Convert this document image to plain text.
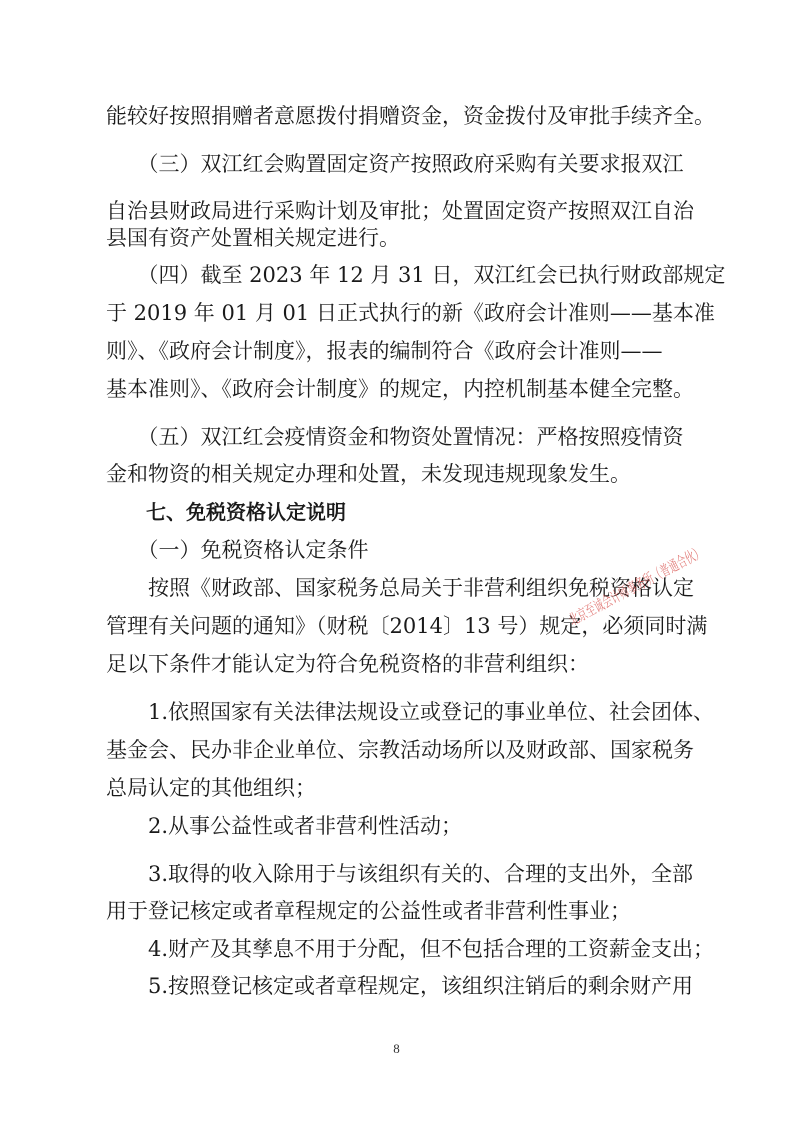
能较好按照捐赠者意愿拨付捐赠资金，资金拨付及审批手续齐全。
　　（三）双江红会购置固定资产按照政府采购有关要求报双江
自治县财政局进行采购计划及审批；处置固定资产按照双江自治
县国有资产处置相关规定进行。
　　（四）截至 2023 年 12 月 31 日，双江红会已执行财政部规定
于 2019 年 01 月 01 日正式执行的新《政府会计准则——基本准
则》、《政府会计制度》，报表的编制符合《政府会计准则——
基本准则》、《政府会计制度》的规定，内控机制基本健全完整。
　　（五）双江红会疫情资金和物资处置情况：严格按照疫情资
金和物资的相关规定办理和处置，未发现违规现象发生。
　　七、免税资格认定说明
　　（一）免税资格认定条件
　　按照《财政部、国家税务总局关于非营利组织免税资格认定
管理有关问题的通知》（财税〔2014〕13 号）规定，必须同时满
足以下条件才能认定为符合免税资格的非营利组织：
　　1.依照国家有关法律法规设立或登记的事业单位、社会团体、
基金会、民办非企业单位、宗教活动场所以及财政部、国家税务
总局认定的其他组织；
　　2.从事公益性或者非营利性活动；
　　3.取得的收入除用于与该组织有关的、合理的支出外，全部
用于登记核定或者章程规定的公益性或者非营利性事业；
　　4.财产及其孳息不用于分配，但不包括合理的工资薪金支出；
　　5.按照登记核定或者章程规定，该组织注销后的剩余财产用
北京至诚会计师事务所（普通合伙）
8
